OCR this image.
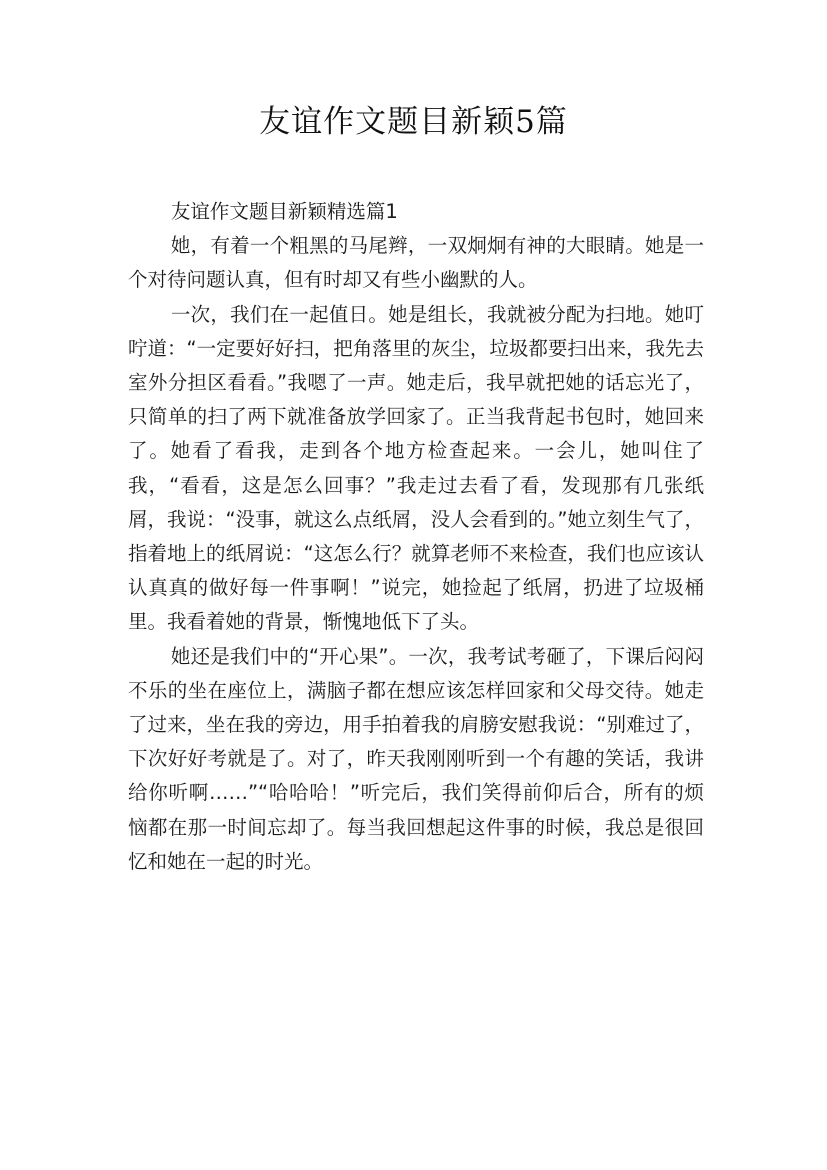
友谊作文题目新颖5篇

友谊作文题目新颖精选篇1

她，有着一个粗黑的马尾辫，一双炯炯有神的大眼睛。她是一个对待问题认真，但有时却又有些小幽默的人。

一次，我们在一起值日。她是组长，我就被分配为扫地。她叮咛道：“一定要好好扫，把角落里的灰尘，垃圾都要扫出来，我先去室外分担区看看。”我嗯了一声。她走后，我早就把她的话忘光了，只简单的扫了两下就准备放学回家了。正当我背起书包时，她回来了。她看了看我，走到各个地方检查起来。一会儿，她叫住了我，“看看，这是怎么回事？”我走过去看了看，发现那有几张纸屑，我说：“没事，就这么点纸屑，没人会看到的。”她立刻生气了，指着地上的纸屑说：“这怎么行？就算老师不来检查，我们也应该认认真真的做好每一件事啊！”说完，她捡起了纸屑，扔进了垃圾桶里。我看着她的背景，惭愧地低下了头。

她还是我们中的“开心果”。一次，我考试考砸了，下课后闷闷不乐的坐在座位上，满脑子都在想应该怎样回家和父母交待。她走了过来，坐在我的旁边，用手拍着我的肩膀安慰我说：“别难过了，下次好好考就是了。对了，昨天我刚刚听到一个有趣的笑话，我讲给你听啊……”“哈哈哈！”听完后，我们笑得前仰后合，所有的烦恼都在那一时间忘却了。每当我回想起这件事的时候，我总是很回忆和她在一起的时光。
